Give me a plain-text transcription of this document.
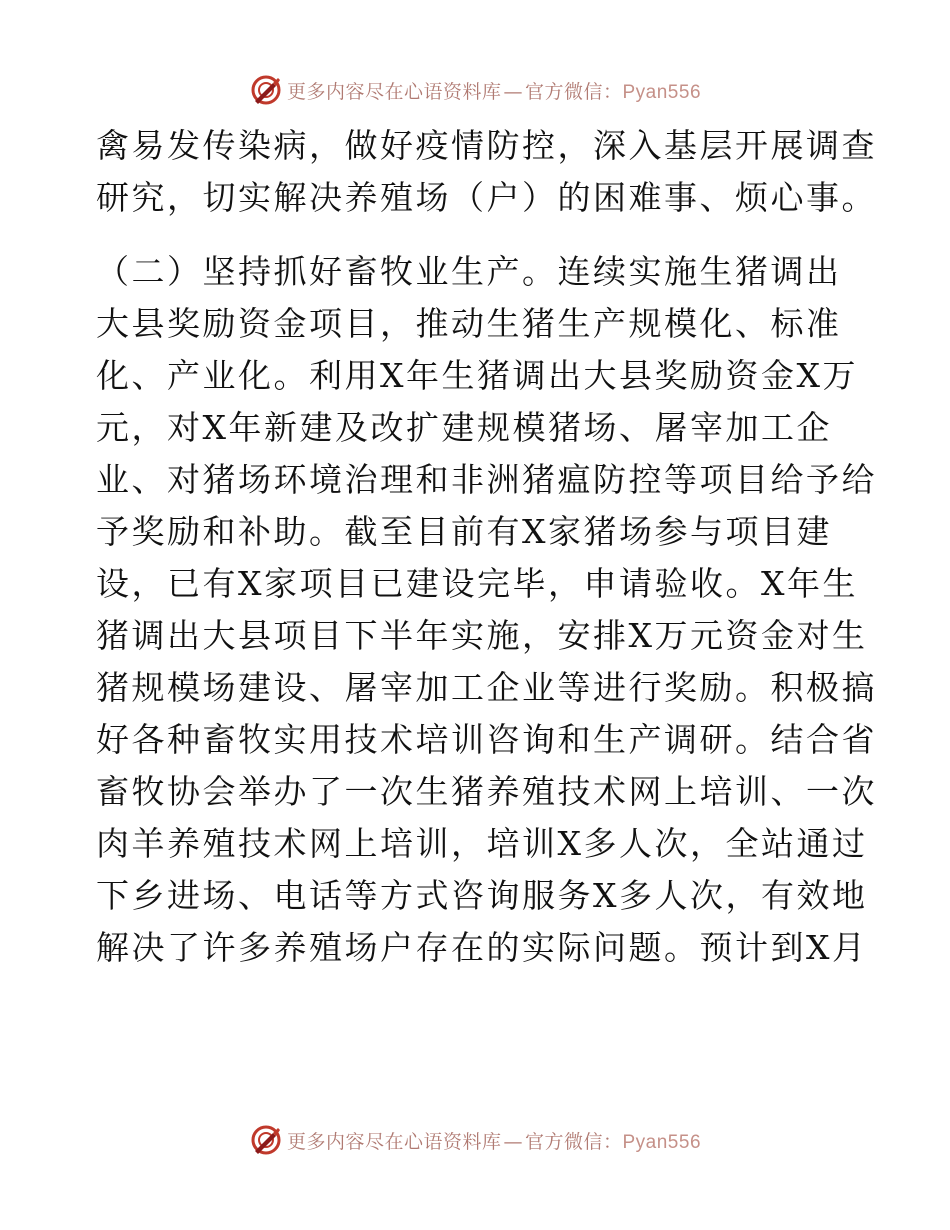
更多内容尽在心语资料库 — 官方微信：Pyan556
禽易发传染病，做好疫情防控，深入基层开展调查
研究，切实解决养殖场（户）的困难事、烦心事。
（二）坚持抓好畜牧业生产。连续实施生猪调出
大县奖励资金项目，推动生猪生产规模化、标准
化、产业化。利用X年生猪调出大县奖励资金X万
元，对X年新建及改扩建规模猪场、屠宰加工企
业、对猪场环境治理和非洲猪瘟防控等项目给予给
予奖励和补助。截至目前有X家猪场参与项目建
设，已有X家项目已建设完毕，申请验收。X年生
猪调出大县项目下半年实施，安排X万元资金对生
猪规模场建设、屠宰加工企业等进行奖励。积极搞
好各种畜牧实用技术培训咨询和生产调研。结合省
畜牧协会举办了一次生猪养殖技术网上培训、一次
肉羊养殖技术网上培训，培训X多人次，全站通过
下乡进场、电话等方式咨询服务X多人次，有效地
解决了许多养殖场户存在的实际问题。预计到X月
更多内容尽在心语资料库 — 官方微信：Pyan556
